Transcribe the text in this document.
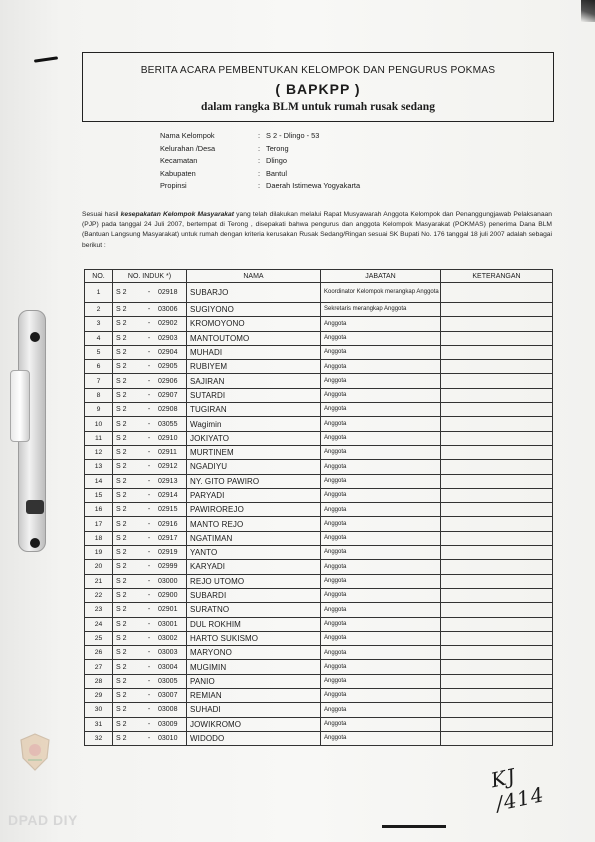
BERITA ACARA PEMBENTUKAN KELOMPOK DAN PENGURUS POKMAS
( BAPKPP )
dalam rangka BLM untuk rumah rusak sedang
Nama Kelompok	: S 2 - Dlingo - 53
Kelurahan /Desa	: Terong
Kecamatan	: Dlingo
Kabupaten	: Bantul
Propinsi	: Daerah Istimewa Yogyakarta
Sesuai hasil kesepakatan Kelompok Masyarakat yang telah dilakukan melalui Rapat Musyawarah Anggota Kelompok dan Penanggungjawab Pelaksanaan (PJP) pada tanggal 24 Juli 2007, bertempat di Terong , disepakati bahwa pengurus dan anggota Kelompok Masyarakat (POKMAS) penerima Dana BLM (Bantuan Langsung Masyarakat) untuk rumah dengan kriteria kerusakan Rusak Sedang/Ringan sesuai SK Bupati No. 176 tanggal 18 juli 2007 adalah sebagai berikut :
NO.	NO. INDUK *)	NAMA	JABATAN	KETERANGAN
1	S 2 - 02918	SUBARJO	Koordinator Kelompok merangkap Anggota	
2	S 2 - 03006	SUGIYONO	Sekretaris merangkap Anggota	
3	S 2 - 02902	KROMOYONO	Anggota	
4	S 2 - 02903	MANTOUTOMO	Anggota	
5	S 2 - 02904	MUHADI	Anggota	
6	S 2 - 02905	RUBIYEM	Anggota	
7	S 2 - 02906	SAJIRAN	Anggota	
8	S 2 - 02907	SUTARDI	Anggota	
9	S 2 - 02908	TUGIRAN	Anggota	
10	S 2 - 03055	Wagimin	Anggota	
11	S 2 - 02910	JOKIYATO	Anggota	
12	S 2 - 02911	MURTINEM	Anggota	
13	S 2 - 02912	NGADIYU	Anggota	
14	S 2 - 02913	NY. GITO PAWIRO	Anggota	
15	S 2 - 02914	PARYADI	Anggota	
16	S 2 - 02915	PAWIROREJO	Anggota	
17	S 2 - 02916	MANTO REJO	Anggota	
18	S 2 - 02917	NGATIMAN	Anggota	
19	S 2 - 02919	YANTO	Anggota	
20	S 2 - 02999	KARYADI	Anggota	
21	S 2 - 03000	REJO UTOMO	Anggota	
22	S 2 - 02900	SUBARDI	Anggota	
23	S 2 - 02901	SURATNO	Anggota	
24	S 2 - 03001	DUL ROKHIM	Anggota	
25	S 2 - 03002	HARTO SUKISMO	Anggota	
26	S 2 - 03003	MARYONO	Anggota	
27	S 2 - 03004	MUGIMIN	Anggota	
28	S 2 - 03005	PANIO	Anggota	
29	S 2 - 03007	REMIAN	Anggota	
30	S 2 - 03008	SUHADI	Anggota	
31	S 2 - 03009	JOWIKROMO	Anggota	
32	S 2 - 03010	WIDODO	Anggota	
DPAD DIY
KJ /414
